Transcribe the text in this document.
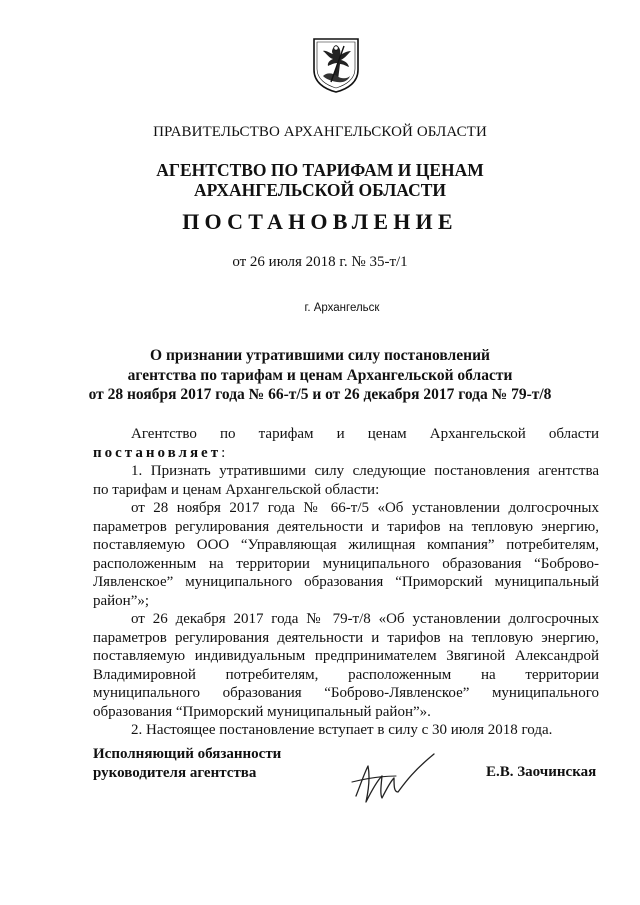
ПРАВИТЕЛЬСТВО АРХАНГЕЛЬСКОЙ ОБЛАСТИ
АГЕНТСТВО ПО ТАРИФАМ И ЦЕНАМ
АРХАНГЕЛЬСКОЙ ОБЛАСТИ
ПОСТАНОВЛЕНИЕ
от 26 июля 2018 г. № 35-т/1
г. Архангельск
О признании утратившими силу постановлений
агентства по тарифам и ценам Архангельской области
от 28 ноября 2017 года № 66-т/5 и от 26 декабря 2017 года № 79-т/8
Агентство по тарифам и ценам Архангельской области
постановляет:
1. Признать утратившими силу следующие постановления агентства
по тарифам и ценам Архангельской области:
от 28 ноября 2017 года № 66-т/5 «Об установлении долгосрочных
параметров регулирования деятельности и тарифов на тепловую энергию,
поставляемую ООО “Управляющая жилищная компания” потребителям,
расположенным на территории муниципального образования “Боброво-
Лявленское” муниципального образования “Приморский муниципальный
район”»;
от 26 декабря 2017 года № 79-т/8 «Об установлении долгосрочных
параметров регулирования деятельности и тарифов на тепловую энергию,
поставляемую индивидуальным предпринимателем Звягиной Александрой
Владимировной потребителям, расположенным на территории
муниципального образования “Боброво-Лявленское” муниципального
образования “Приморский муниципальный район”».
2. Настоящее постановление вступает в силу с 30 июля 2018 года.
Исполняющий обязанности
руководителя агентства	Е.В. Заочинская
